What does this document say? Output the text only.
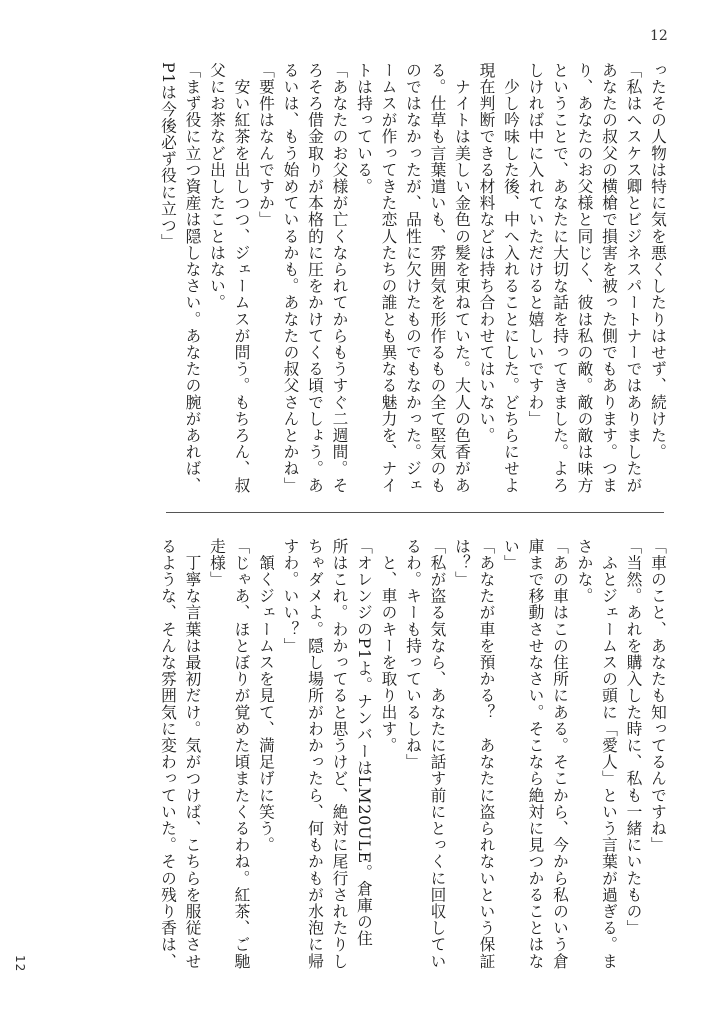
12
ったその人物は特に気を悪くしたりはせず、続けた。
「私はヘスケス卿とビジネスパートナーではありましたが
あなたの叔父の横槍で損害を被った側でもあります。つま
り、あなたのお父様と同じく、彼は私の敵。敵の敵は味方
ということで、あなたに大切な話を持ってきました。よろ
しければ中に入れていただけると嬉しいですわ」
　少し吟味した後、中へ入れることにした。どちらにせよ
現在判断できる材料などは持ち合わせてはいない。
　ナイトは美しい金色の髪を束ねていた。大人の色香があ
る。仕草も言葉遣いも、雰囲気を形作るもの全て堅気のも
のではなかったが、品性に欠けたものでもなかった。ジェ
ームスが作ってきた恋人たちの誰とも異なる魅力を、ナイ
トは持っている。
「あなたのお父様が亡くなられてからもうすぐ二週間。そ
ろそろ借金取りが本格的に圧をかけてくる頃でしょう。あ
るいは、もう始めているかも。あなたの叔父さんとかね」
「要件はなんですか」
　安い紅茶を出しつつ、ジェームスが問う。もちろん、叔
父にお茶など出したことはない。
「まず役に立つ資産は隠しなさい。あなたの腕があれば、
P1は今後必ず役に立つ」
「車のこと、あなたも知ってるんですね」
「当然。あれを購入した時に、私も一緒にいたもの」
　ふとジェームスの頭に「愛人」という言葉が過ぎる。ま
さかな。
「あの車はこの住所にある。そこから、今から私のいう倉
庫まで移動させなさい。そこなら絶対に見つかることはな
い」
「あなたが車を預かる？　あなたに盗られないという保証
は？」
「私が盗る気なら、あなたに話す前にとっくに回収してい
るわ。キーも持っているしね」
　と、車のキーを取り出す。
「オレンジのP1よ。ナンバーはLM20ULE。倉庫の住
所はこれ。わかってると思うけど、絶対に尾行されたりし
ちゃダメよ。隠し場所がわかったら、何もかもが水泡に帰
すわ。いい？」
　頷くジェームスを見て、満足げに笑う。
「じゃあ、ほとぼりが覚めた頃またくるわね。紅茶、ご馳
走様」
　丁寧な言葉は最初だけ。気がつけば、こちらを服従させ
るような、そんな雰囲気に変わっていた。その残り香は、
12
